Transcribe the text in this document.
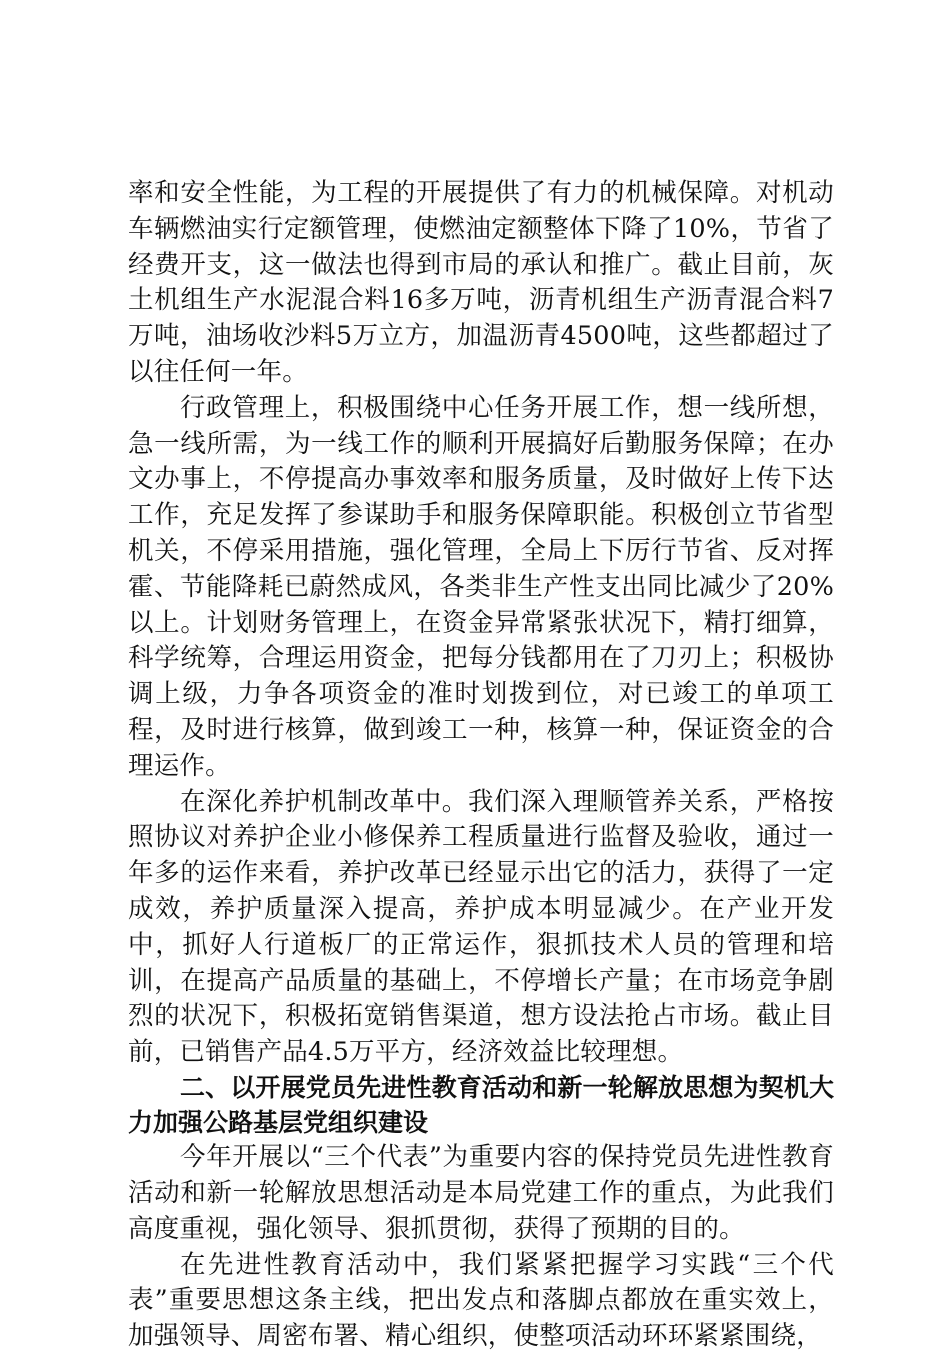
率和安全性能，为工程的开展提供了有力的机械保障。对机动车辆燃油实行定额管理，使燃油定额整体下降了10%，节省了经费开支，这一做法也得到市局的承认和推广。截止目前，灰土机组生产水泥混合料16多万吨，沥青机组生产沥青混合料7万吨，油场收沙料5万立方，加温沥青4500吨，这些都超过了以往任何一年。

行政管理上，积极围绕中心任务开展工作，想一线所想，急一线所需，为一线工作的顺利开展搞好后勤服务保障；在办文办事上，不停提高办事效率和服务质量，及时做好上传下达工作，充足发挥了参谋助手和服务保障职能。积极创立节省型机关，不停采用措施，强化管理，全局上下厉行节省、反对挥霍、节能降耗已蔚然成风，各类非生产性支出同比减少了20%以上。计划财务管理上，在资金异常紧张状况下，精打细算，科学统筹，合理运用资金，把每分钱都用在了刀刃上；积极协调上级，力争各项资金的准时划拨到位，对已竣工的单项工程，及时进行核算，做到竣工一种，核算一种，保证资金的合理运作。

在深化养护机制改革中。我们深入理顺管养关系，严格按照协议对养护企业小修保养工程质量进行监督及验收，通过一年多的运作来看，养护改革已经显示出它的活力，获得了一定成效，养护质量深入提高，养护成本明显减少。在产业开发中，抓好人行道板厂的正常运作，狠抓技术人员的管理和培训，在提高产品质量的基础上，不停增长产量；在市场竞争剧烈的状况下，积极拓宽销售渠道，想方设法抢占市场。截止目前，已销售产品4.5万平方，经济效益比较理想。

二、以开展党员先进性教育活动和新一轮解放思想为契机大力加强公路基层党组织建设

今年开展以“三个代表”为重要内容的保持党员先进性教育活动和新一轮解放思想活动是本局党建工作的重点，为此我们高度重视，强化领导、狠抓贯彻，获得了预期的目的。

在先进性教育活动中，我们紧紧把握学习实践“三个代表”重要思想这条主线，把出发点和落脚点都放在重实效上，加强领导、周密布署、精心组织，使整项活动环环紧紧围绕，
